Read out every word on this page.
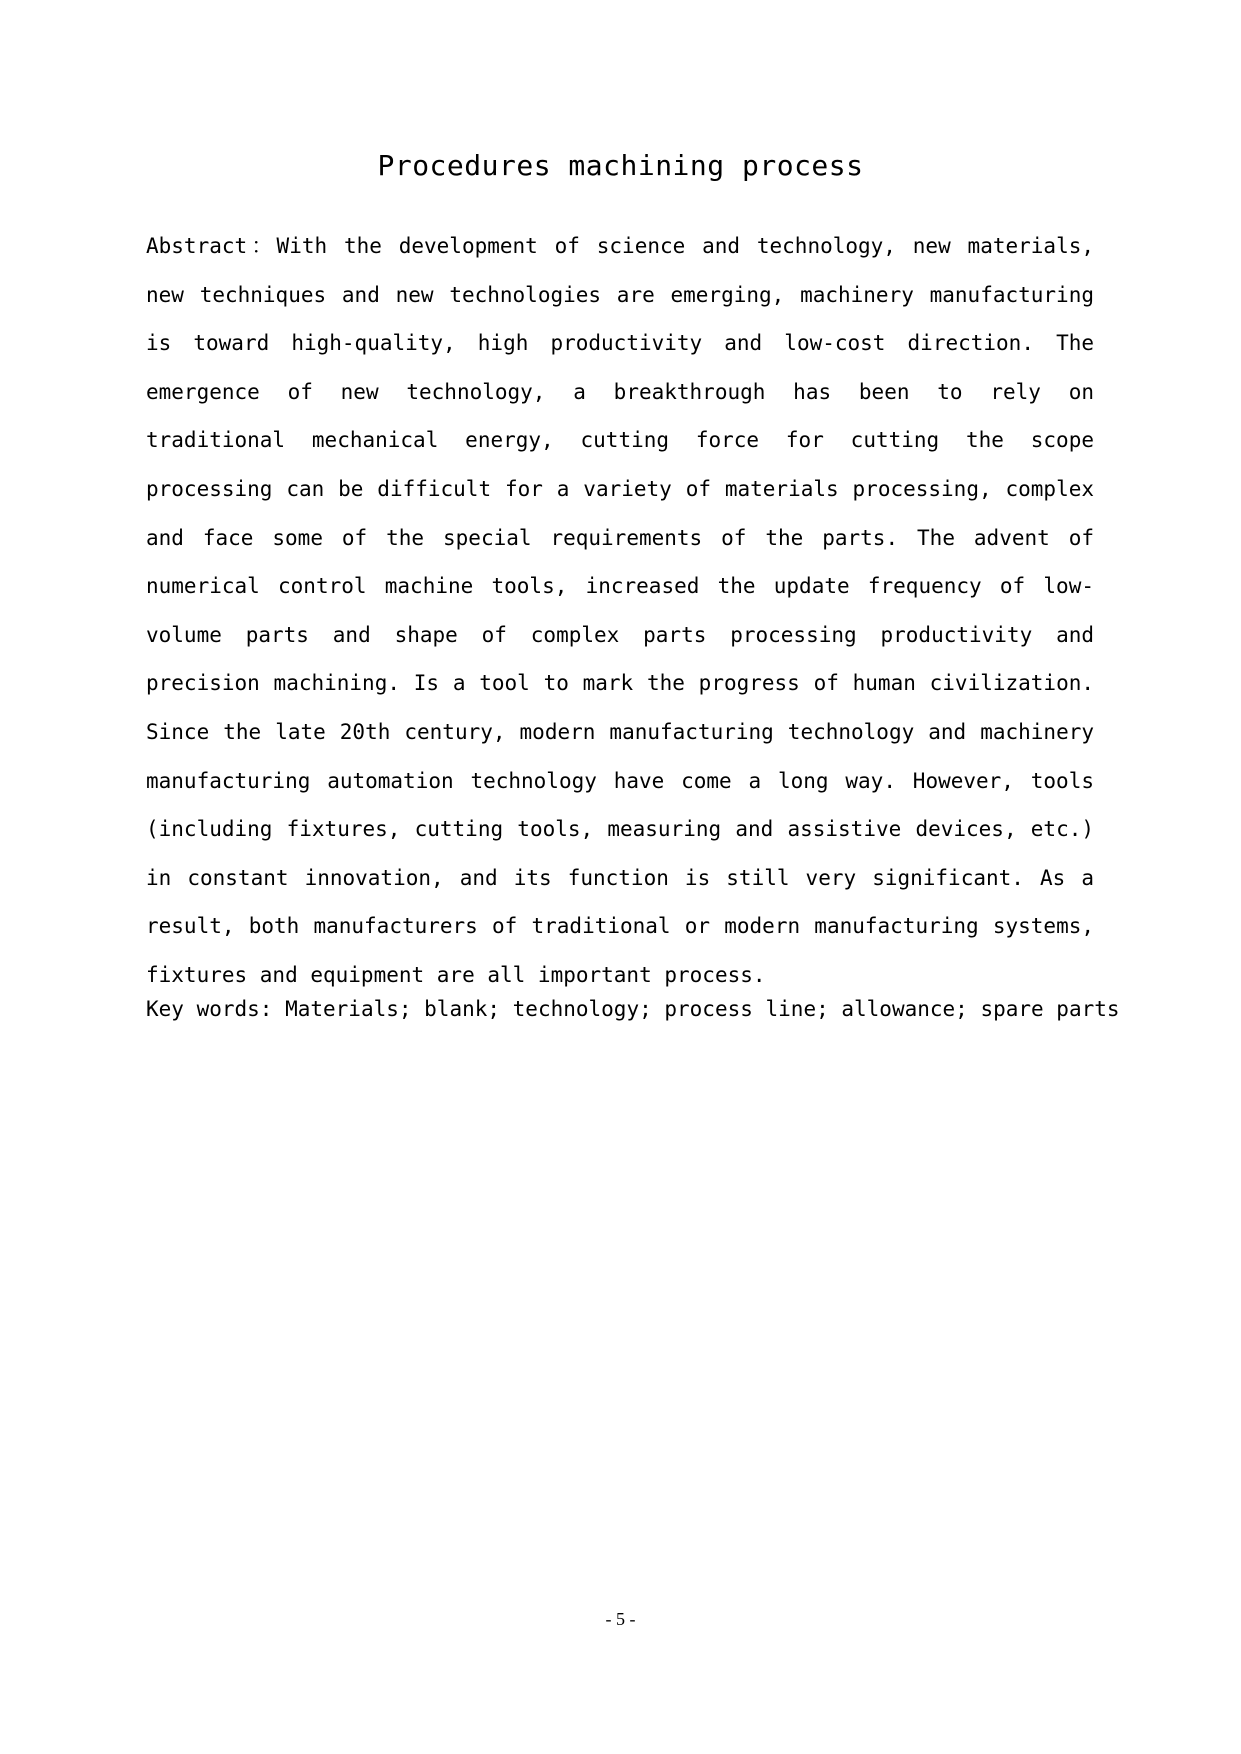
Procedures machining process

Abstract：With the development of science and technology, new materials, new techniques and new technologies are emerging, machinery manufacturing is toward high-quality, high productivity and low-cost direction. The emergence of new technology, a breakthrough has been to rely on traditional mechanical energy, cutting force for cutting the scope processing can be difficult for a variety of materials processing, complex and face some of the special requirements of the parts. The advent of numerical control machine tools, increased the update frequency of low-volume parts and shape of complex parts processing productivity and precision machining. Is a tool to mark the progress of human civilization. Since the late 20th century, modern manufacturing technology and machinery manufacturing automation technology have come a long way. However, tools (including fixtures, cutting tools, measuring and assistive devices, etc.) in constant innovation, and its function is still very significant. As a result, both manufacturers of traditional or modern manufacturing systems, fixtures and equipment are all important process.

Key words: Materials; blank; technology; process line; allowance; spare parts
- 5 -
